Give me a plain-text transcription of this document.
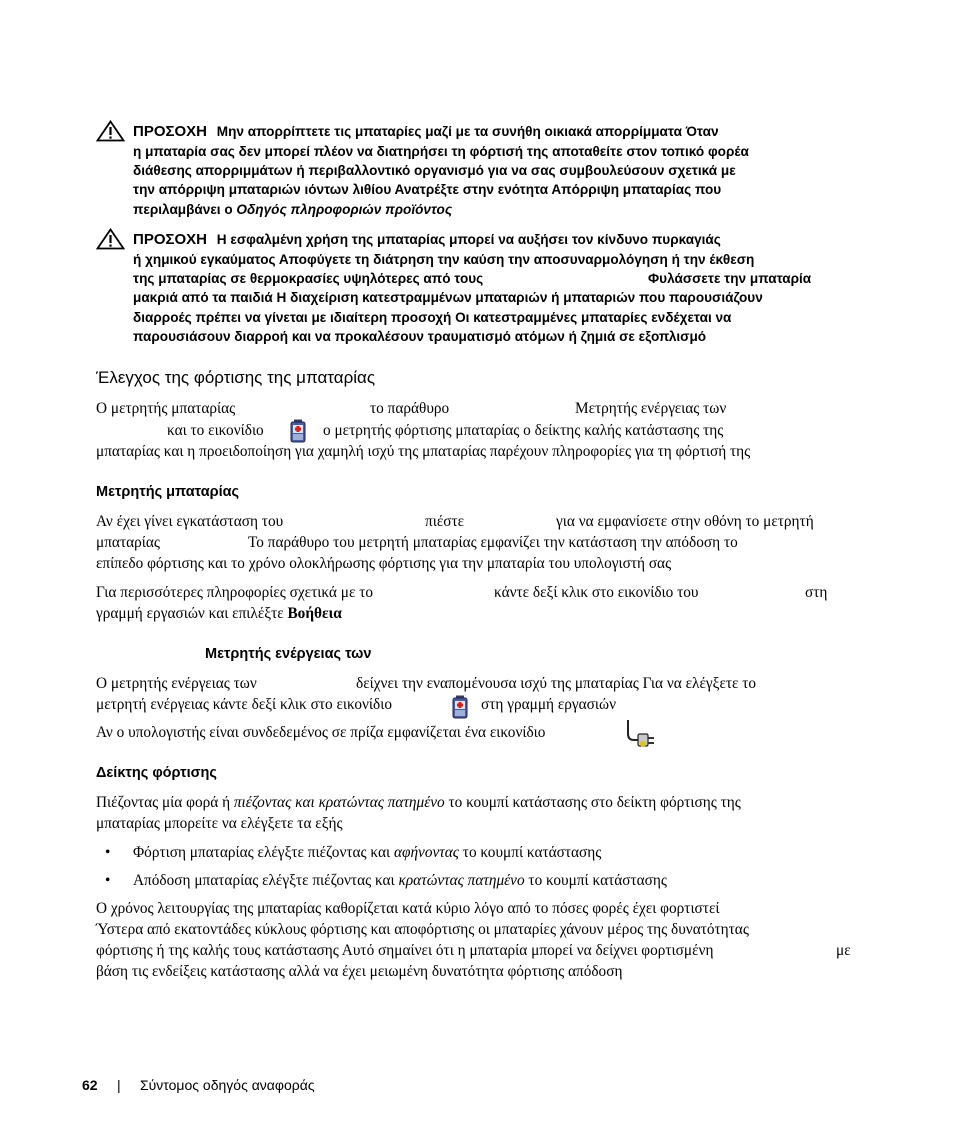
ΠΡΟΣΟΧΗ Μην απορρίπτετε τις μπαταρίες μαζί με τα συνήθη οικιακά απορρίμματα Όταν
η μπαταρία σας δεν μπορεί πλέον να διατηρήσει τη φόρτισή της αποταθείτε στον τοπικό φορέα
διάθεσης απορριμμάτων ή περιβαλλοντικό οργανισμό για να σας συμβουλεύσουν σχετικά με
την απόρριψη μπαταριών ιόντων λιθίου Ανατρέξτε στην ενότητα Απόρριψη μπαταρίας που
περιλαμβάνει ο Οδηγός πληροφοριών προϊόντος
ΠΡΟΣΟΧΗ Η εσφαλμένη χρήση της μπαταρίας μπορεί να αυξήσει τον κίνδυνο πυρκαγιάς
ή χημικού εγκαύματος Αποφύγετε τη διάτρηση την καύση την αποσυναρμολόγηση ή την έκθεση
της μπαταρίας σε θερμοκρασίες υψηλότερες από τους	Φυλάσσετε την μπαταρία
μακριά από τα παιδιά Η διαχείριση κατεστραμμένων μπαταριών ή μπαταριών που παρουσιάζουν
διαρροές πρέπει να γίνεται με ιδιαίτερη προσοχή Οι κατεστραμμένες μπαταρίες ενδέχεται να
παρουσιάσουν διαρροή και να προκαλέσουν τραυματισμό ατόμων ή ζημιά σε εξοπλισμό
Έλεγχος της φόρτισης της μπαταρίας
Ο μετρητής μπαταρίας	το παράθυρο	Μετρητής ενέργειας των
και το εικονίδιο	ο μετρητής φόρτισης μπαταρίας ο δείκτης καλής κατάστασης της
μπαταρίας και η προειδοποίηση για χαμηλή ισχύ της μπαταρίας παρέχουν πληροφορίες για τη φόρτισή της
Μετρητής μπαταρίας
Αν έχει γίνει εγκατάσταση του	πιέστε	για να εμφανίσετε στην οθόνη το μετρητή
μπαταρίας	Το παράθυρο του μετρητή μπαταρίας εμφανίζει την κατάσταση την απόδοση το
επίπεδο φόρτισης και το χρόνο ολοκλήρωσης φόρτισης για την μπαταρία του υπολογιστή σας
Για περισσότερες πληροφορίες σχετικά με το	κάντε δεξί κλικ στο εικονίδιο του	στη
γραμμή εργασιών και επιλέξτε Βοήθεια
Μετρητής ενέργειας των
Ο μετρητής ενέργειας των	δείχνει την εναπομένουσα ισχύ της μπαταρίας Για να ελέγξετε το
μετρητή ενέργειας κάντε δεξί κλικ στο εικονίδιο	στη γραμμή εργασιών
Αν ο υπολογιστής είναι συνδεδεμένος σε πρίζα εμφανίζεται ένα εικονίδιο
Δείκτης φόρτισης
Πιέζοντας μία φορά ή πιέζοντας και κρατώντας πατημένο το κουμπί κατάστασης στο δείκτη φόρτισης της
μπαταρίας μπορείτε να ελέγξετε τα εξής
• Φόρτιση μπαταρίας ελέγξτε πιέζοντας και αφήνοντας το κουμπί κατάστασης
• Απόδοση μπαταρίας ελέγξτε πιέζοντας και κρατώντας πατημένο το κουμπί κατάστασης
Ο χρόνος λειτουργίας της μπαταρίας καθορίζεται κατά κύριο λόγο από το πόσες φορές έχει φορτιστεί
Ύστερα από εκατοντάδες κύκλους φόρτισης και αποφόρτισης οι μπαταρίες χάνουν μέρος της δυνατότητας
φόρτισης ή της καλής τους κατάστασης Αυτό σημαίνει ότι η μπαταρία μπορεί να δείχνει φορτισμένη	με
βάση τις ενδείξεις κατάστασης αλλά να έχει μειωμένη δυνατότητα φόρτισης απόδοση
62 | Σύντομος οδηγός αναφοράς
